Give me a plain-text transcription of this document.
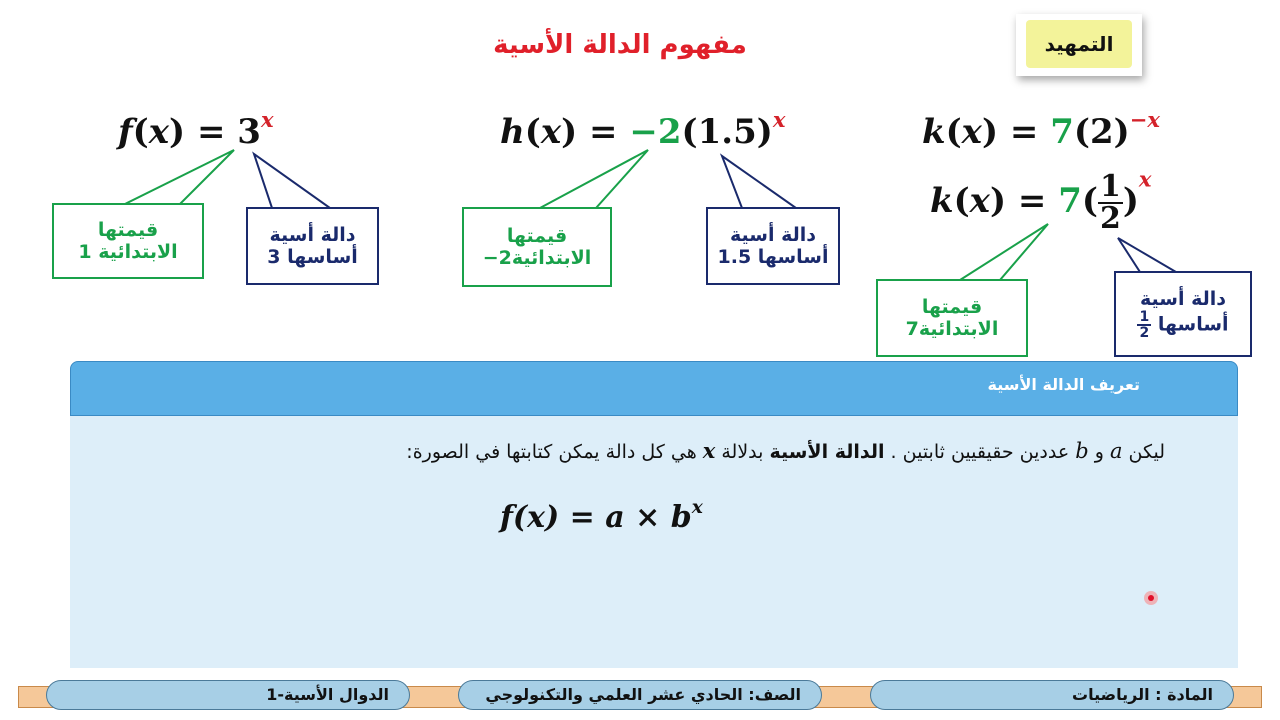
مفهوم الدالة الأسية	التمهيد
$f(x) = 3^x$
قيمتها
الابتدائية 1
دالة أسية
أساسها 3
$h(x) = -2(1.5)^x$
قيمتها
الابتدائية2−
دالة أسية
أساسها 1.5
$k(x) = 7(2)^{-x}$
$k(x) = 7( \frac{1}{2} )^x$
قيمتها
الابتدائية7
دالة أسية
أساسها
$\frac{1}{2}$
تعريف الدالة الأسية
ليكن a و b عددين حقيقيين ثابتين . الدالة الأسية بدلالة x هي كل دالة يمكن كتابتها في الصورة:
$f(x) = a \times b^x$
الدوال الأسية-1	الصف: الحادي عشر العلمي والتكنولوجي	المادة : الرياضيات
